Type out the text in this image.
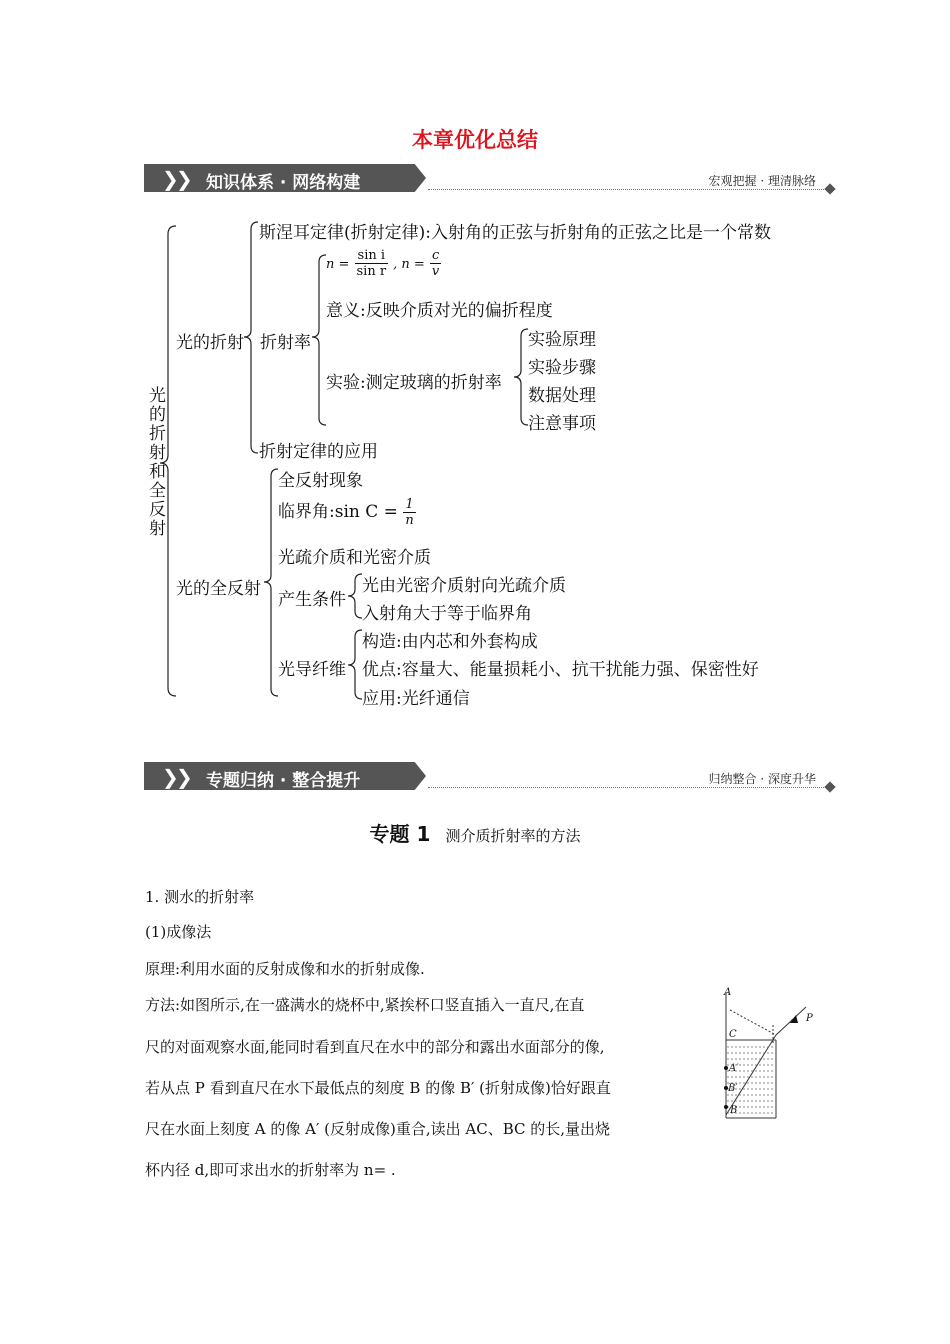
本章优化总结
❯
❯ 知识体系 · 网络构建	宏观把握 · 理清脉络
光的折射和全反射
光的折射
斯涅耳定律(折射定律):入射角的正弦与折射角的正弦之比是一个常数
折射率
$n = \frac{\text{sin i}}{\text{sin r}}$ , $n = \frac{c}{v}$
意义:反映介质对光的偏折程度
实验:测定玻璃的折射率
实验原理
实验步骤
数据处理
注意事项
折射定律的应用
光的全反射
全反射现象
临界角:sin $C = \frac{1}{n}$
光疏介质和光密介质
产生条件
光由光密介质射向光疏介质
入射角大于等于临界角
光导纤维
构造:由内芯和外套构成
优点:容量大、能量损耗小、抗干扰能力强、保密性好
应用:光纤通信
❯
❯ 专题归纳 · 整合提升	归纳整合 · 深度升华
专题 1 测介质折射率的方法
1. 测水的折射率
(1)成像法
原理:利用水面的反射成像和水的折射成像.
方法:如图所示,在一盛满水的烧杯中,紧挨杯口竖直插入一直尺,在直
尺的对面观察水面,能同时看到直尺在水中的部分和露出水面部分的像,
若从点 P 看到直尺在水下最低点的刻度 B 的像 B′ (折射成像)恰好跟直
尺在水面上刻度 A 的像 A′ (反射成像)重合,读出 AC、BC 的长,量出烧
杯内径 d,即可求出水的折射率为 n= .
A
C
A′
B′
B
P
